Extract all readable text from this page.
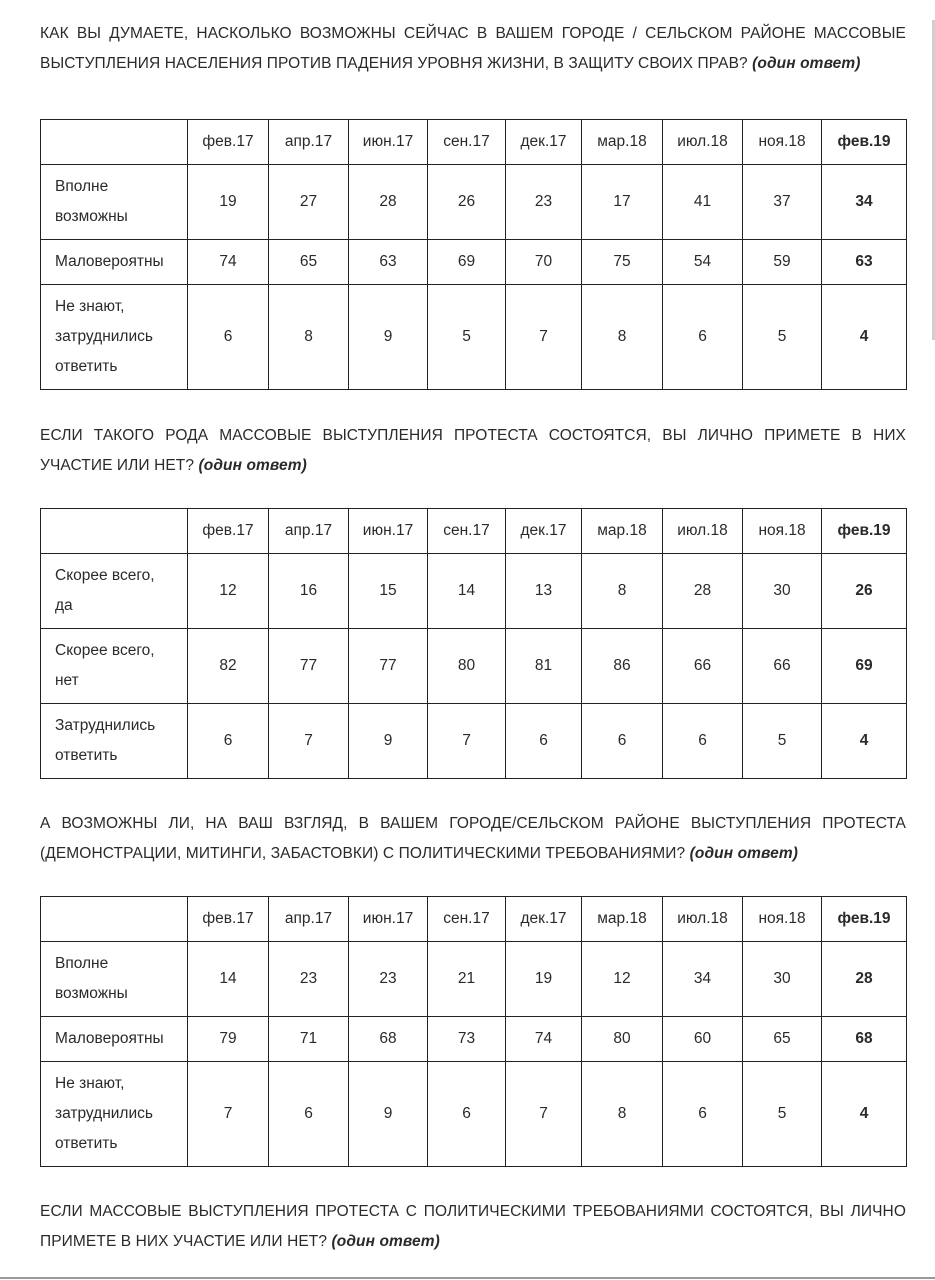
КАК ВЫ ДУМАЕТЕ, НАСКОЛЬКО ВОЗМОЖНЫ СЕЙЧАС В ВАШЕМ ГОРОДЕ / СЕЛЬСКОМ РАЙОНЕ МАССОВЫЕ ВЫСТУПЛЕНИЯ НАСЕЛЕНИЯ ПРОТИВ ПАДЕНИЯ УРОВНЯ ЖИЗНИ, В ЗАЩИТУ СВОИХ ПРАВ? (один ответ)

	фев.17	апр.17	июн.17	сен.17	дек.17	мар.18	июл.18	ноя.18	фев.19
Вполне возможны	19	27	28	26	23	17	41	37	34
Маловероятны	74	65	63	69	70	75	54	59	63
Не знают, затруднились ответить	6	8	9	5	7	8	6	5	4

ЕСЛИ ТАКОГО РОДА МАССОВЫЕ ВЫСТУПЛЕНИЯ ПРОТЕСТА СОСТОЯТСЯ, ВЫ ЛИЧНО ПРИМЕТЕ В НИХ УЧАСТИЕ ИЛИ НЕТ? (один ответ)

	фев.17	апр.17	июн.17	сен.17	дек.17	мар.18	июл.18	ноя.18	фев.19
Скорее всего, да	12	16	15	14	13	8	28	30	26
Скорее всего, нет	82	77	77	80	81	86	66	66	69
Затруднились ответить	6	7	9	7	6	6	6	5	4

А ВОЗМОЖНЫ ЛИ, НА ВАШ ВЗГЛЯД, В ВАШЕМ ГОРОДЕ/СЕЛЬСКОМ РАЙОНЕ ВЫСТУПЛЕНИЯ ПРОТЕСТА (ДЕМОНСТРАЦИИ, МИТИНГИ, ЗАБАСТОВКИ) С ПОЛИТИЧЕСКИМИ ТРЕБОВАНИЯМИ? (один ответ)

	фев.17	апр.17	июн.17	сен.17	дек.17	мар.18	июл.18	ноя.18	фев.19
Вполне возможны	14	23	23	21	19	12	34	30	28
Маловероятны	79	71	68	73	74	80	60	65	68
Не знают, затруднились ответить	7	6	9	6	7	8	6	5	4

ЕСЛИ МАССОВЫЕ ВЫСТУПЛЕНИЯ ПРОТЕСТА С ПОЛИТИЧЕСКИМИ ТРЕБОВАНИЯМИ СОСТОЯТСЯ, ВЫ ЛИЧНО ПРИМЕТЕ В НИХ УЧАСТИЕ ИЛИ НЕТ? (один ответ)
